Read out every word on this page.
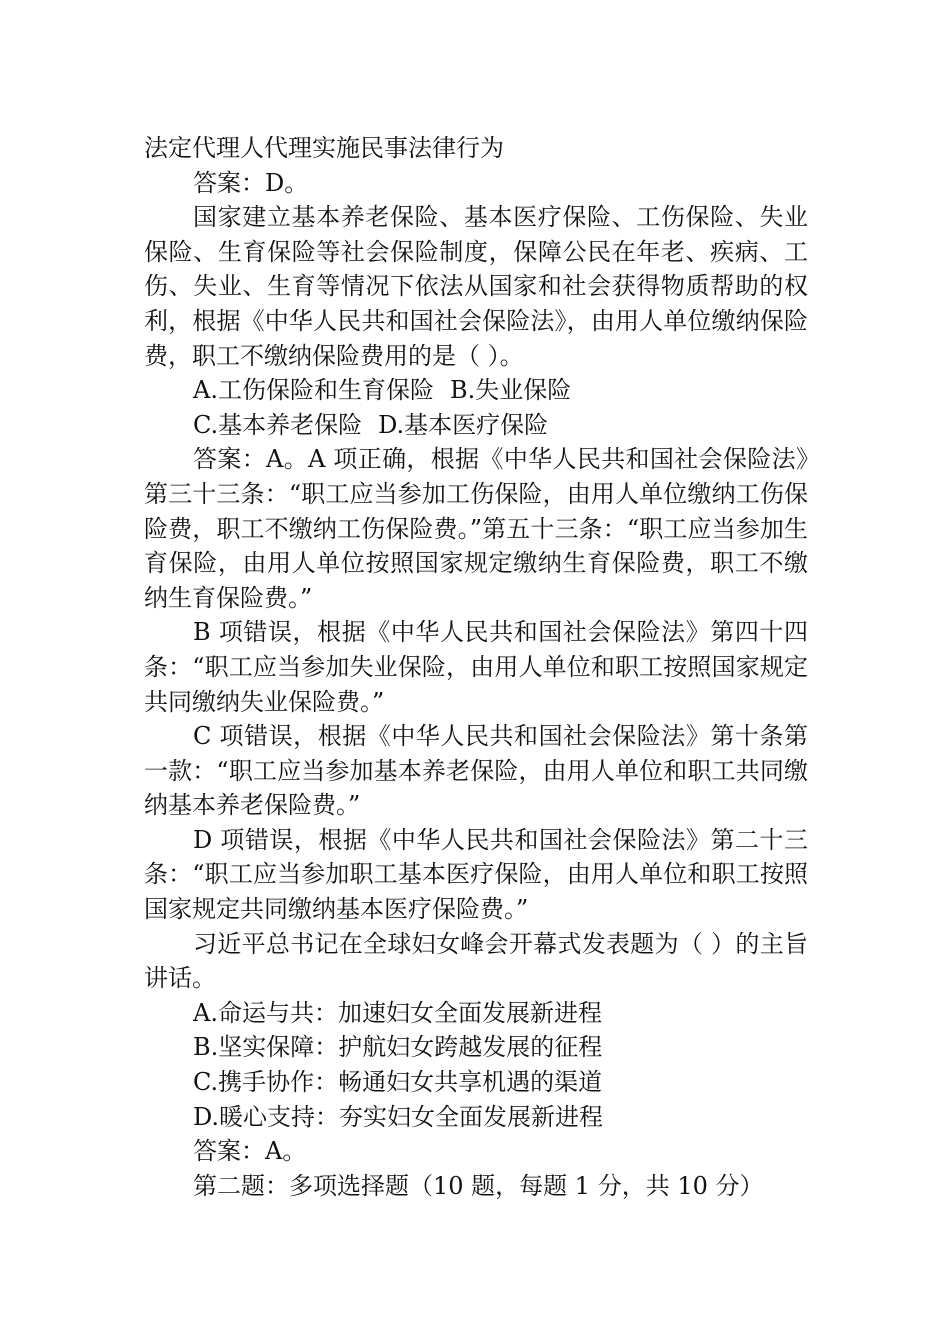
法定代理人代理实施民事法律行为

答案：D。

国家建立基本养老保险、基本医疗保险、工伤保险、失业保险、生育保险等社会保险制度，保障公民在年老、疾病、工伤、失业、生育等情况下依法从国家和社会获得物质帮助的权利，根据《中华人民共和国社会保险法》，由用人单位缴纳保险费，职工不缴纳保险费用的是（ ）。

A.工伤保险和生育保险 B.失业保险

C.基本养老保险 D.基本医疗保险

答案：A。A 项正确，根据《中华人民共和国社会保险法》第三十三条：“职工应当参加工伤保险，由用人单位缴纳工伤保险费，职工不缴纳工伤保险费。”第五十三条：“职工应当参加生育保险，由用人单位按照国家规定缴纳生育保险费，职工不缴纳生育保险费。”

B 项错误，根据《中华人民共和国社会保险法》第四十四条：“职工应当参加失业保险，由用人单位和职工按照国家规定共同缴纳失业保险费。”

C 项错误，根据《中华人民共和国社会保险法》第十条第一款：“职工应当参加基本养老保险，由用人单位和职工共同缴纳基本养老保险费。”

D 项错误，根据《中华人民共和国社会保险法》第二十三条：“职工应当参加职工基本医疗保险，由用人单位和职工按照国家规定共同缴纳基本医疗保险费。”

习近平总书记在全球妇女峰会开幕式发表题为（ ）的主旨讲话。

A.命运与共：加速妇女全面发展新进程

B.坚实保障：护航妇女跨越发展的征程

C.携手协作：畅通妇女共享机遇的渠道

D.暖心支持：夯实妇女全面发展新进程

答案：A。

第二题：多项选择题（10 题，每题 1 分，共 10 分）
